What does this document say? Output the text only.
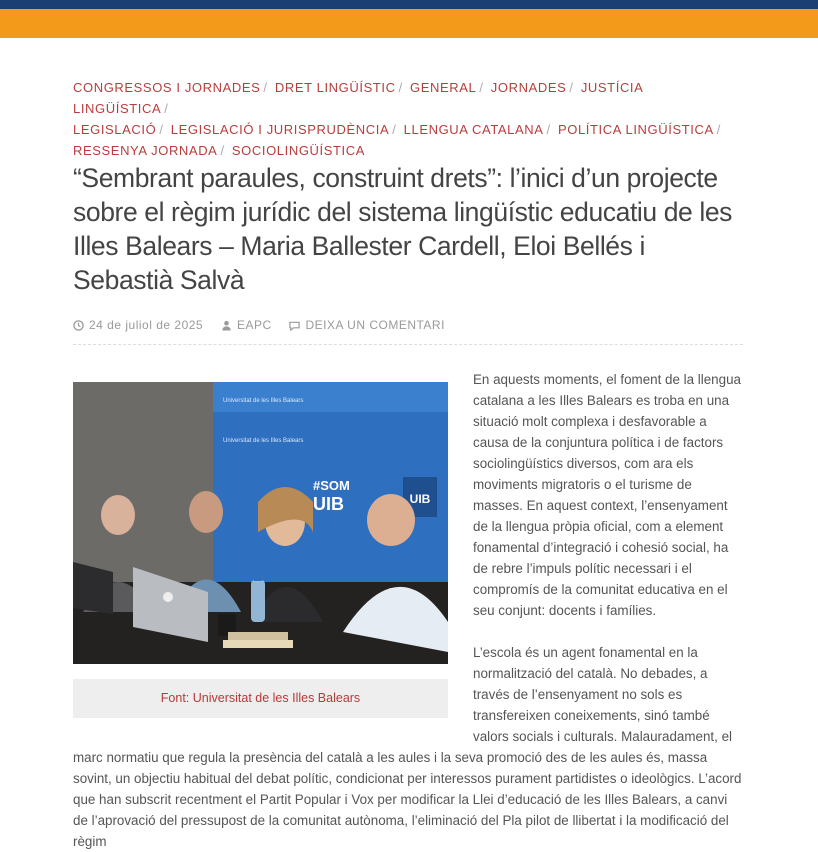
CONGRESSOS I JORNADES / DRET LINGÜÍSTIC / GENERAL / JORNADES / JUSTÍCIA LINGÜÍSTICA /
LEGISLACIÓ / LEGISLACIÓ I JURISPRUDÈNCIA / LLENGUA CATALANA / POLÍTICA LINGÜÍSTICA /
RESSENYA JORNADA / SOCIOLINGÜÍSTICA
“Sembrant paraules, construint drets”: l’inici d’un projecte sobre el règim jurídic del sistema lingüístic educatiu de les Illes Balears – Maria Ballester Cardell, Eloi Bellés i Sebastià Salvà
24 de juliol de 2025
	EAPC
	DEIXA UN COMENTARI
UIB
Universitat de les Illes Balears
Universitat de les Illes Balears
#SOM
UIB
Font: Universitat de les Illes Balears

En aquests moments, el foment de la llengua catalana a les Illes Balears es troba en una situació molt complexa i desfavorable a causa de la conjuntura política i de factors sociolingüístics diversos, com ara els moviments migratoris o el turisme de masses. En aquest context, l’ensenyament de la llengua pròpia oficial, com a element fonamental d’integració i cohesió social, ha de rebre l’impuls polític necessari i el compromís de la comunitat educativa en el seu conjunt: docents i famílies.

L’escola és un agent fonamental en la normalització del català. No debades, a través de l’ensenyament no sols es transfereixen coneixements, sinó també valors socials i culturals. Malauradament, el

marc normatiu que regula la presència del català a les aules i la seva promoció des de les aules és, massa sovint, un objectiu habitual del debat polític, condicionat per interessos purament partidistes o ideològics. L’acord que han subscrit recentment el Partit Popular i Vox per modificar la Llei d’educació de les Illes Balears, a canvi de l’aprovació del pressupost de la comunitat autònoma, l’eliminació del Pla pilot de llibertat i la modificació del règim
